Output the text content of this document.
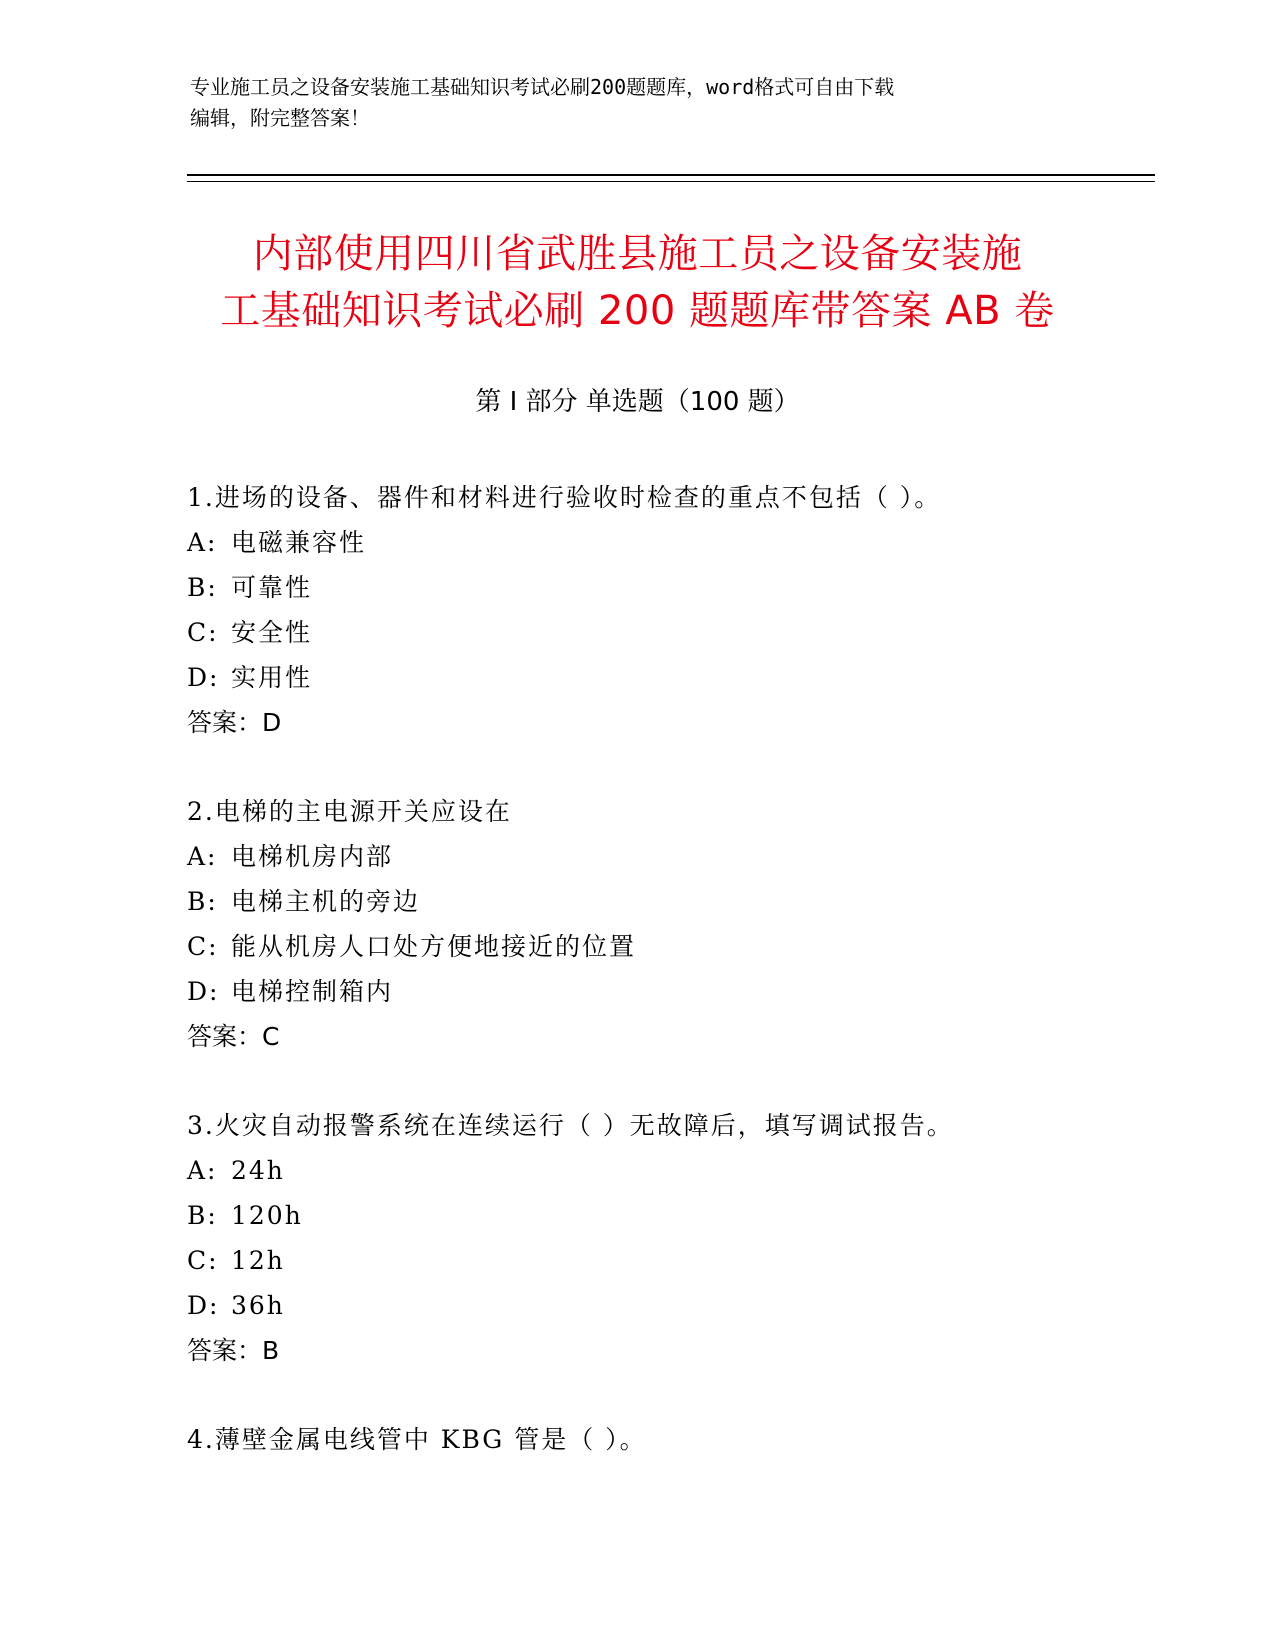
专业施工员之设备安装施工基础知识考试必刷200题题库，word格式可自由下载
编辑，附完整答案！
内部使用四川省武胜县施工员之设备安装施
工基础知识考试必刷 200 题题库带答案 AB 卷
第 I 部分 单选题（100 题）
1.进场的设备、器件和材料进行验收时检查的重点不包括（ ）。
A: 电磁兼容性
B: 可靠性
C: 安全性
D: 实用性
答案：D
2.电梯的主电源开关应设在
A: 电梯机房内部
B: 电梯主机的旁边
C: 能从机房人口处方便地接近的位置
D: 电梯控制箱内
答案：C
3.火灾自动报警系统在连续运行（ ）无故障后，填写调试报告。
A: 24h
B: 120h
C: 12h
D: 36h
答案：B
4.薄壁金属电线管中 KBG 管是（ ）。
